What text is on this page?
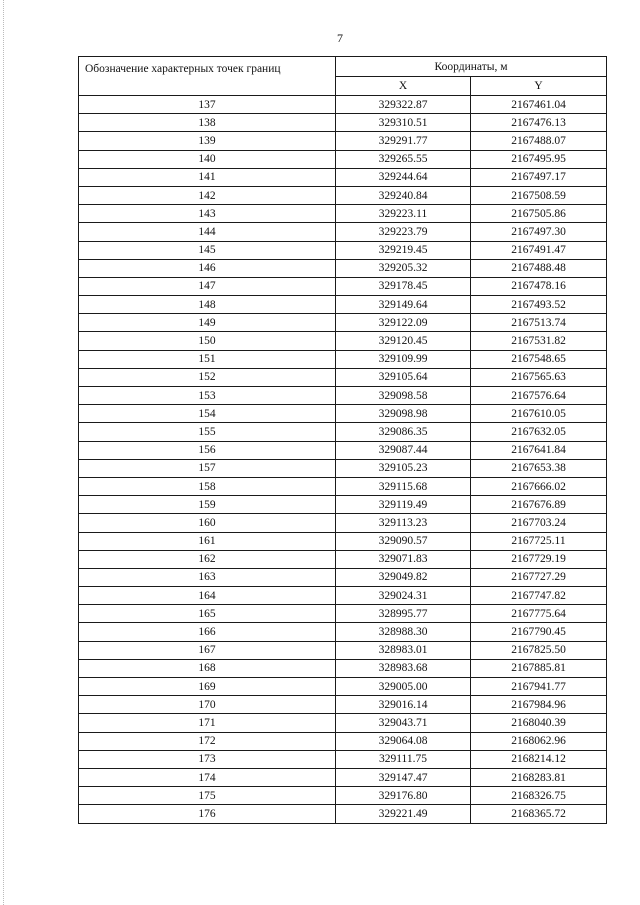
7
Обозначение характерных точек границ	Координаты, м	
	X	Y
137	329322.87	2167461.04
138	329310.51	2167476.13
139	329291.77	2167488.07
140	329265.55	2167495.95
141	329244.64	2167497.17
142	329240.84	2167508.59
143	329223.11	2167505.86
144	329223.79	2167497.30
145	329219.45	2167491.47
146	329205.32	2167488.48
147	329178.45	2167478.16
148	329149.64	2167493.52
149	329122.09	2167513.74
150	329120.45	2167531.82
151	329109.99	2167548.65
152	329105.64	2167565.63
153	329098.58	2167576.64
154	329098.98	2167610.05
155	329086.35	2167632.05
156	329087.44	2167641.84
157	329105.23	2167653.38
158	329115.68	2167666.02
159	329119.49	2167676.89
160	329113.23	2167703.24
161	329090.57	2167725.11
162	329071.83	2167729.19
163	329049.82	2167727.29
164	329024.31	2167747.82
165	328995.77	2167775.64
166	328988.30	2167790.45
167	328983.01	2167825.50
168	328983.68	2167885.81
169	329005.00	2167941.77
170	329016.14	2167984.96
171	329043.71	2168040.39
172	329064.08	2168062.96
173	329111.75	2168214.12
174	329147.47	2168283.81
175	329176.80	2168326.75
176	329221.49	2168365.72
